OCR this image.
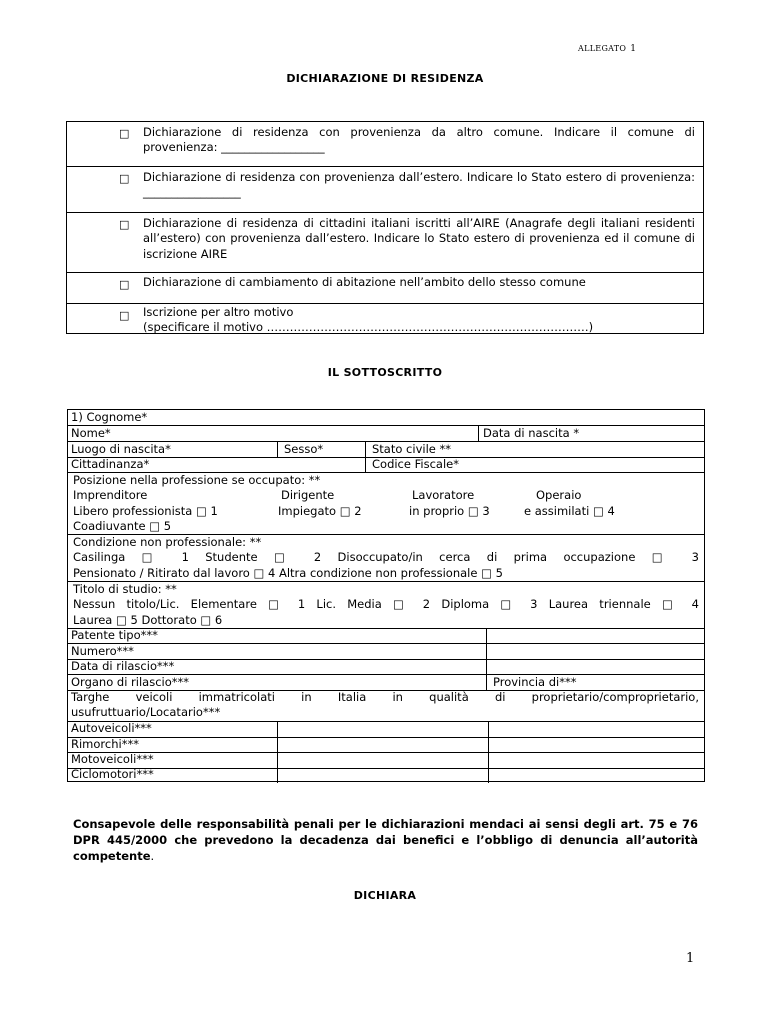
ALLEGATO 1
DICHIARAZIONE DI RESIDENZA
□ Dichiarazione di residenza con provenienza da altro comune. Indicare il comune di provenienza: __________________
□ Dichiarazione di residenza con provenienza dall’estero. Indicare lo Stato estero di provenienza: _________________
□ Dichiarazione di residenza di cittadini italiani iscritti all’AIRE (Anagrafe degli italiani residenti all’estero) con provenienza dall’estero. Indicare lo Stato estero di provenienza ed il comune di iscrizione AIRE
□ Dichiarazione di cambiamento di abitazione nell’ambito dello stesso comune
□ Iscrizione per altro motivo
(specificare il motivo …………………………………………………………………………)
IL SOTTOSCRITTO
1) Cognome*
Nome*	Data di nascita *
Luogo di nascita*	Sesso*	Stato civile **
Cittadinanza*	Codice Fiscale*
Posizione nella professione se occupato: **
Imprenditore	Dirigente	Lavoratore	Operaio
Libero professionista □ 1	Impiegato □ 2	in proprio □ 3	e assimilati □ 4
Coadiuvante □ 5
Condizione non professionale: **
Casilinga □ 1 Studente □ 2 Disoccupato/in cerca di prima occupazione □ 3
Pensionato / Ritirato dal lavoro □ 4 Altra condizione non professionale □ 5
Titolo di studio: **
Nessun titolo/Lic. Elementare □ 1 Lic. Media □ 2 Diploma □ 3 Laurea triennale □ 4
Laurea □ 5 Dottorato □ 6
Patente tipo***
Numero***
Data di rilascio***
Organo di rilascio***	Provincia di***
Targhe veicoli immatricolati in Italia in qualità di proprietario/comproprietario,
usufruttuario/Locatario***
Autoveicoli***
Rimorchi***
Motoveicoli***
Ciclomotori***
Consapevole delle responsabilità penali per le dichiarazioni mendaci ai sensi degli art. 75 e 76 DPR 445/2000 che prevedono la decadenza dai benefici e l’obbligo di denuncia all’autorità competente.
DICHIARA
1
